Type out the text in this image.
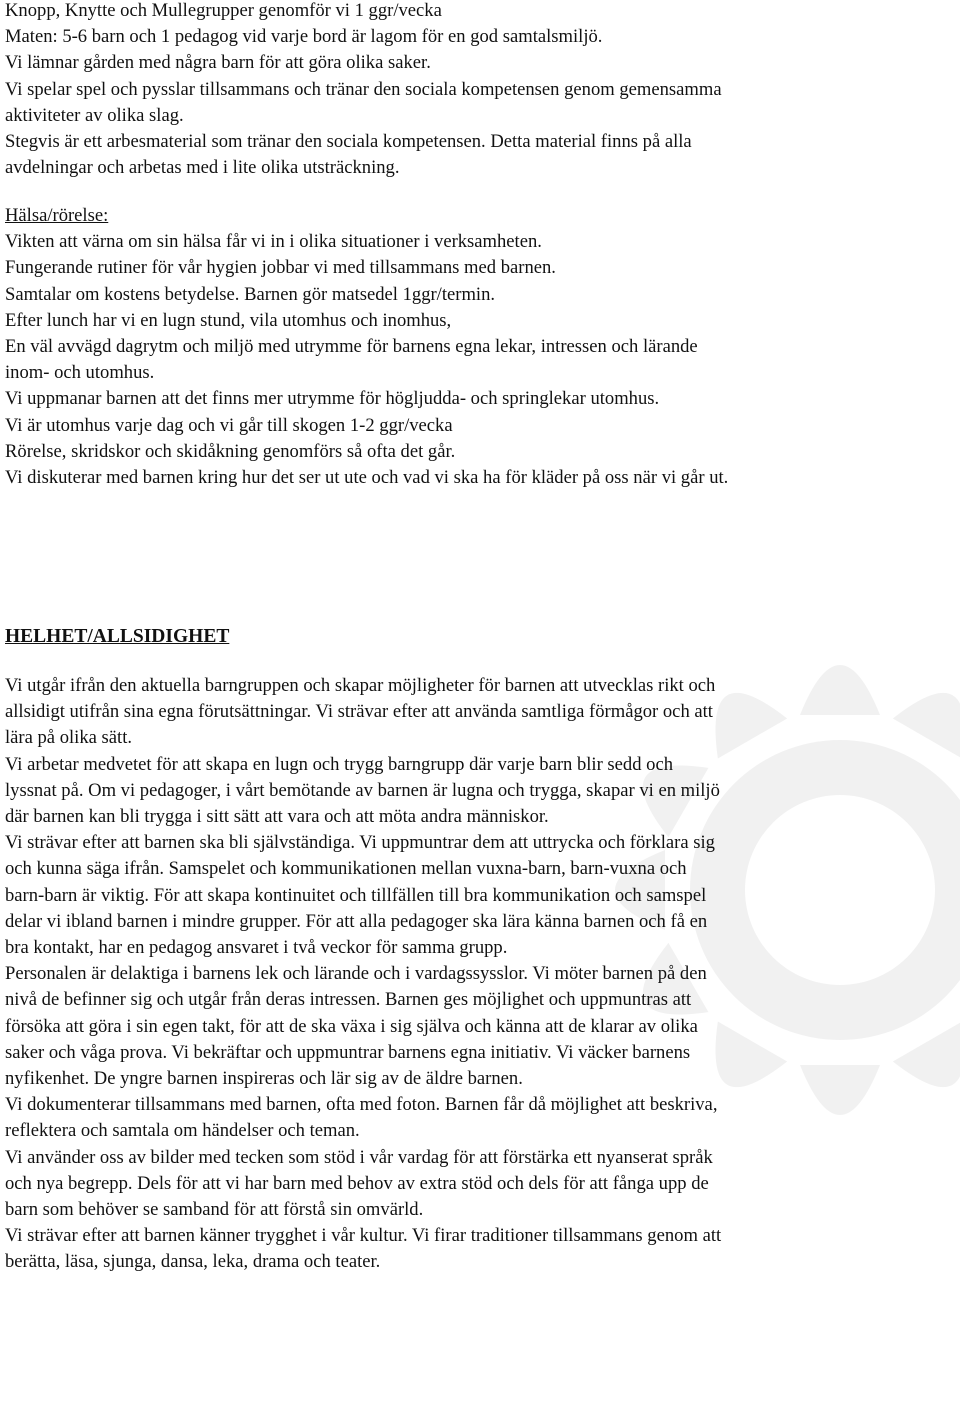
Knopp, Knytte och Mullegrupper genomför vi 1 ggr/vecka
Maten: 5-6 barn och 1 pedagog vid varje bord är lagom för en god samtalsmiljö.
Vi lämnar gården med några barn för att göra olika saker.
Vi spelar spel och pysslar tillsammans och tränar den sociala kompetensen genom gemensamma
aktiviteter av olika slag.
Stegvis är ett arbesmaterial som tränar den sociala kompetensen. Detta material finns på alla
avdelningar och arbetas med i lite olika utsträckning.
Hälsa/rörelse:
Vikten att värna om sin hälsa får vi in i olika situationer i verksamheten.
Fungerande rutiner för vår hygien jobbar vi med tillsammans med barnen.
Samtalar om kostens betydelse. Barnen gör matsedel 1ggr/termin.
Efter lunch har vi en lugn stund, vila utomhus och inomhus,
En väl avvägd dagrytm och miljö med utrymme för barnens egna lekar, intressen och lärande
inom- och utomhus.
Vi uppmanar barnen att det finns mer utrymme för högljudda- och springlekar utomhus.
Vi är utomhus varje dag och vi går till skogen 1-2 ggr/vecka
Rörelse, skridskor och skidåkning genomförs så ofta det går.
Vi diskuterar med barnen kring hur det ser ut ute och vad vi ska ha för kläder på oss när vi går ut.
HELHET/ALLSIDIGHET
Vi utgår ifrån den aktuella barngruppen och skapar möjligheter för barnen att utvecklas rikt och
allsidigt utifrån sina egna förutsättningar. Vi strävar efter att använda samtliga förmågor och att
lära på olika sätt.
Vi arbetar medvetet för att skapa en lugn och trygg barngrupp där varje barn blir sedd och
lyssnat på. Om vi pedagoger, i vårt bemötande av barnen är lugna och trygga, skapar vi en miljö
där barnen kan bli trygga i sitt sätt att vara och att möta andra människor.
Vi strävar efter att barnen ska bli självständiga. Vi uppmuntrar dem att uttrycka och förklara sig
och kunna säga ifrån. Samspelet och kommunikationen mellan vuxna-barn, barn-vuxna och
barn-barn är viktig. För att skapa kontinuitet och tillfällen till bra kommunikation och samspel
delar vi ibland barnen i mindre grupper. För att alla pedagoger ska lära känna barnen och få en
bra kontakt, har en pedagog ansvaret i två veckor för samma grupp.
Personalen är delaktiga i barnens lek och lärande och i vardagssysslor. Vi möter barnen på den
nivå de befinner sig och utgår från deras intressen. Barnen ges möjlighet och uppmuntras att
försöka att göra i sin egen takt, för att de ska växa i sig själva och känna att de klarar av olika
saker och våga prova. Vi bekräftar och uppmuntrar barnens egna initiativ. Vi väcker barnens
nyfikenhet. De yngre barnen inspireras och lär sig av de äldre barnen.
Vi dokumenterar tillsammans med barnen, ofta med foton. Barnen får då möjlighet att beskriva,
reflektera och samtala om händelser och teman.
Vi använder oss av bilder med tecken som stöd i vår vardag för att förstärka ett nyanserat språk
och nya begrepp. Dels för att vi har barn med behov av extra stöd och dels för att fånga upp de
barn som behöver se samband för att förstå sin omvärld.
Vi strävar efter att barnen känner trygghet i vår kultur. Vi firar traditioner tillsammans genom att
berätta, läsa, sjunga, dansa, leka, drama och teater.
